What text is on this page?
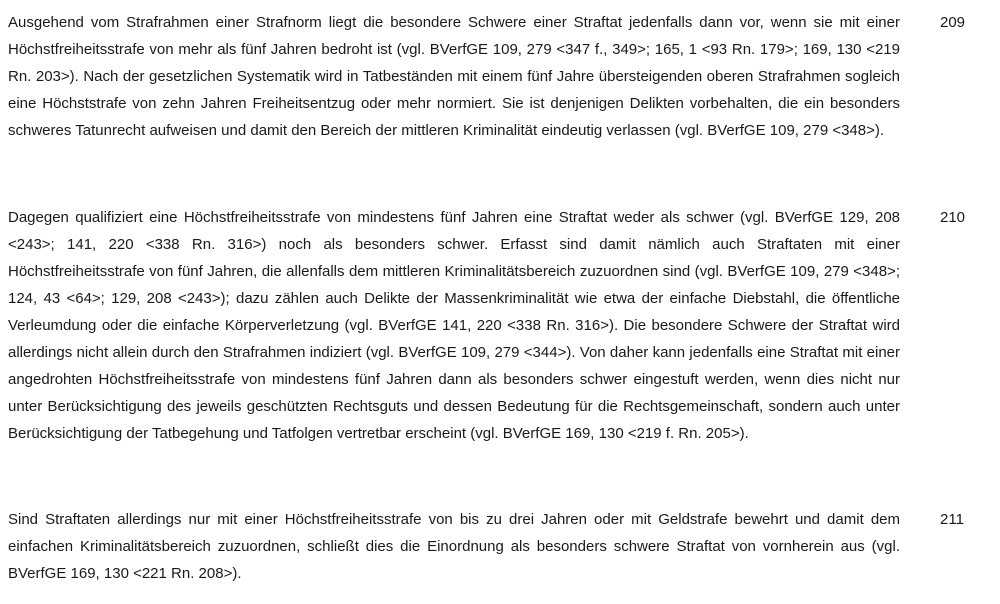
Ausgehend vom Strafrahmen einer Strafnorm liegt die besondere Schwere einer Straftat jedenfalls dann vor, wenn sie mit einer Höchstfreiheitsstrafe von mehr als fünf Jahren bedroht ist (vgl. BVerfGE 109, 279 <347 f., 349>; 165, 1 <93 Rn. 179>; 169, 130 <219 Rn. 203>). Nach der gesetzlichen Systematik wird in Tatbeständen mit einem fünf Jahre übersteigenden oberen Strafrahmen sogleich eine Höchststrafe von zehn Jahren Freiheitsentzug oder mehr normiert. Sie ist denjenigen Delikten vorbehalten, die ein besonders schweres Tatunrecht aufweisen und damit den Bereich der mittleren Kriminalität eindeutig verlassen (vgl. BVerfGE 109, 279 <348>).

209

Dagegen qualifiziert eine Höchstfreiheitsstrafe von mindestens fünf Jahren eine Straftat weder als schwer (vgl. BVerfGE 129, 208 <243>; 141, 220 <338 Rn. 316>) noch als besonders schwer. Erfasst sind damit nämlich auch Straftaten mit einer Höchstfreiheitsstrafe von fünf Jahren, die allenfalls dem mittleren Kriminalitätsbereich zuzuordnen sind (vgl. BVerfGE 109, 279 <348>; 124, 43 <64>; 129, 208 <243>); dazu zählen auch Delikte der Massenkriminalität wie etwa der einfache Diebstahl, die öffentliche Verleumdung oder die einfache Körperverletzung (vgl. BVerfGE 141, 220 <338 Rn. 316>). Die besondere Schwere der Straftat wird allerdings nicht allein durch den Strafrahmen indiziert (vgl. BVerfGE 109, 279 <344>). Von daher kann jedenfalls eine Straftat mit einer angedrohten Höchstfreiheitsstrafe von mindestens fünf Jahren dann als besonders schwer eingestuft werden, wenn dies nicht nur unter Berücksichtigung des jeweils geschützten Rechtsguts und dessen Bedeutung für die Rechtsgemeinschaft, sondern auch unter Berücksichtigung der Tatbegehung und Tatfolgen vertretbar erscheint (vgl. BVerfGE 169, 130 <219 f. Rn. 205>).

210

Sind Straftaten allerdings nur mit einer Höchstfreiheitsstrafe von bis zu drei Jahren oder mit Geldstrafe bewehrt und damit dem einfachen Kriminalitätsbereich zuzuordnen, schließt dies die Einordnung als besonders schwere Straftat von vornherein aus (vgl. BVerfGE 169, 130 <221 Rn. 208>).

211
